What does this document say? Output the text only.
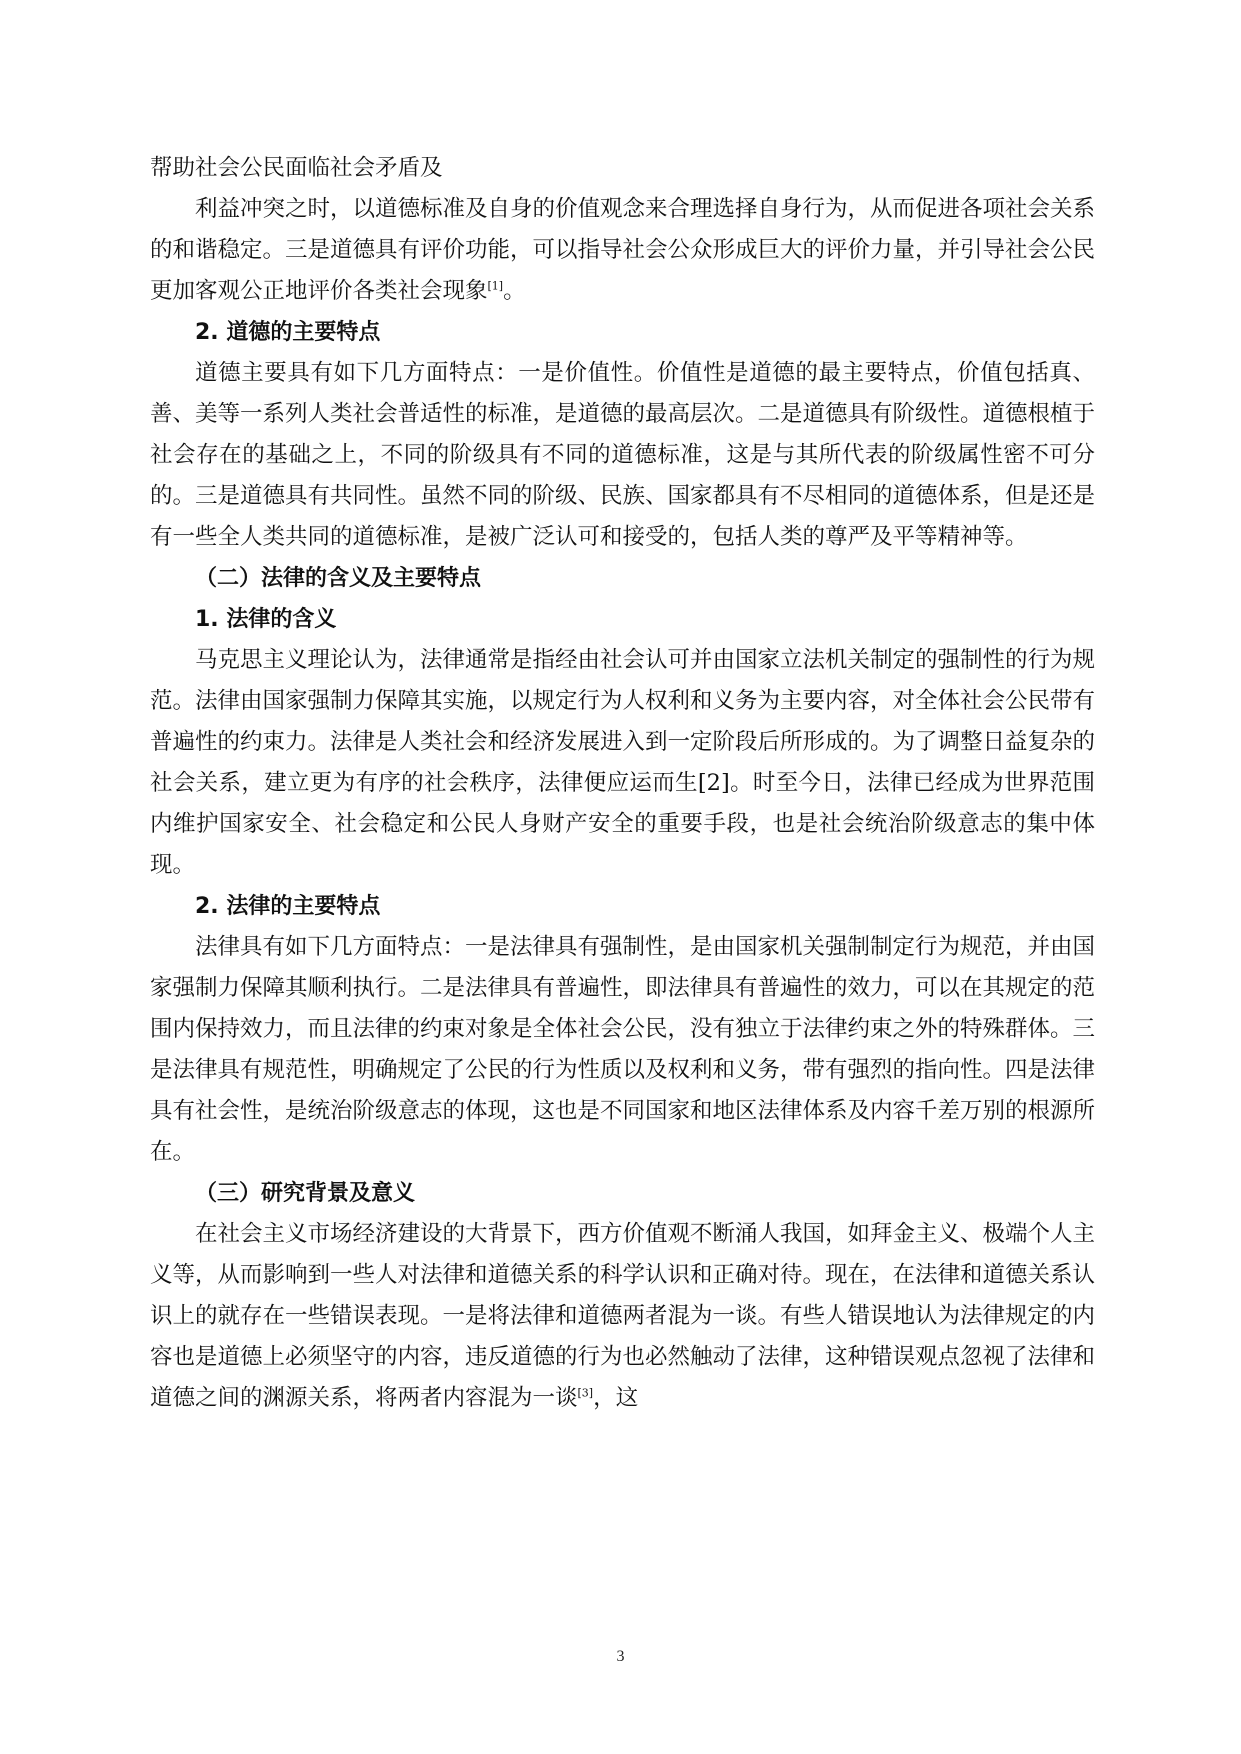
帮助社会公民面临社会矛盾及

利益冲突之时，以道德标准及自身的价值观念来合理选择自身行为，从而促进各项社会关系的和谐稳定。三是道德具有评价功能，可以指导社会公众形成巨大的评价力量，并引导社会公民更加客观公正地评价各类社会现象[1]。

2. 道德的主要特点

道德主要具有如下几方面特点：一是价值性。价值性是道德的最主要特点，价值包括真、善、美等一系列人类社会普适性的标准，是道德的最高层次。二是道德具有阶级性。道德根植于社会存在的基础之上，不同的阶级具有不同的道德标准，这是与其所代表的阶级属性密不可分的。三是道德具有共同性。虽然不同的阶级、民族、国家都具有不尽相同的道德体系，但是还是有一些全人类共同的道德标准，是被广泛认可和接受的，包括人类的尊严及平等精神等。

（二）法律的含义及主要特点
1. 法律的含义

马克思主义理论认为，法律通常是指经由社会认可并由国家立法机关制定的强制性的行为规范。法律由国家强制力保障其实施，以规定行为人权利和义务为主要内容，对全体社会公民带有普遍性的约束力。法律是人类社会和经济发展进入到一定阶段后所形成的。为了调整日益复杂的社会关系，建立更为有序的社会秩序，法律便应运而生[2]。时至今日，法律已经成为世界范围内维护国家安全、社会稳定和公民人身财产安全的重要手段，也是社会统治阶级意志的集中体现。

2. 法律的主要特点

法律具有如下几方面特点：一是法律具有强制性，是由国家机关强制制定行为规范，并由国家强制力保障其顺利执行。二是法律具有普遍性，即法律具有普遍性的效力，可以在其规定的范围内保持效力，而且法律的约束对象是全体社会公民，没有独立于法律约束之外的特殊群体。三是法律具有规范性，明确规定了公民的行为性质以及权利和义务，带有强烈的指向性。四是法律具有社会性，是统治阶级意志的体现，这也是不同国家和地区法律体系及内容千差万别的根源所在。

（三）研究背景及意义

在社会主义市场经济建设的大背景下，西方价值观不断涌人我国，如拜金主义、极端个人主义等，从而影响到一些人对法律和道德关系的科学认识和正确对待。现在，在法律和道德关系认识上的就存在一些错误表现。一是将法律和道德两者混为一谈。有些人错误地认为法律规定的内容也是道德上必须坚守的内容，违反道德的行为也必然触动了法律，这种错误观点忽视了法律和道德之间的渊源关系，将两者内容混为一谈[3]，这

3
